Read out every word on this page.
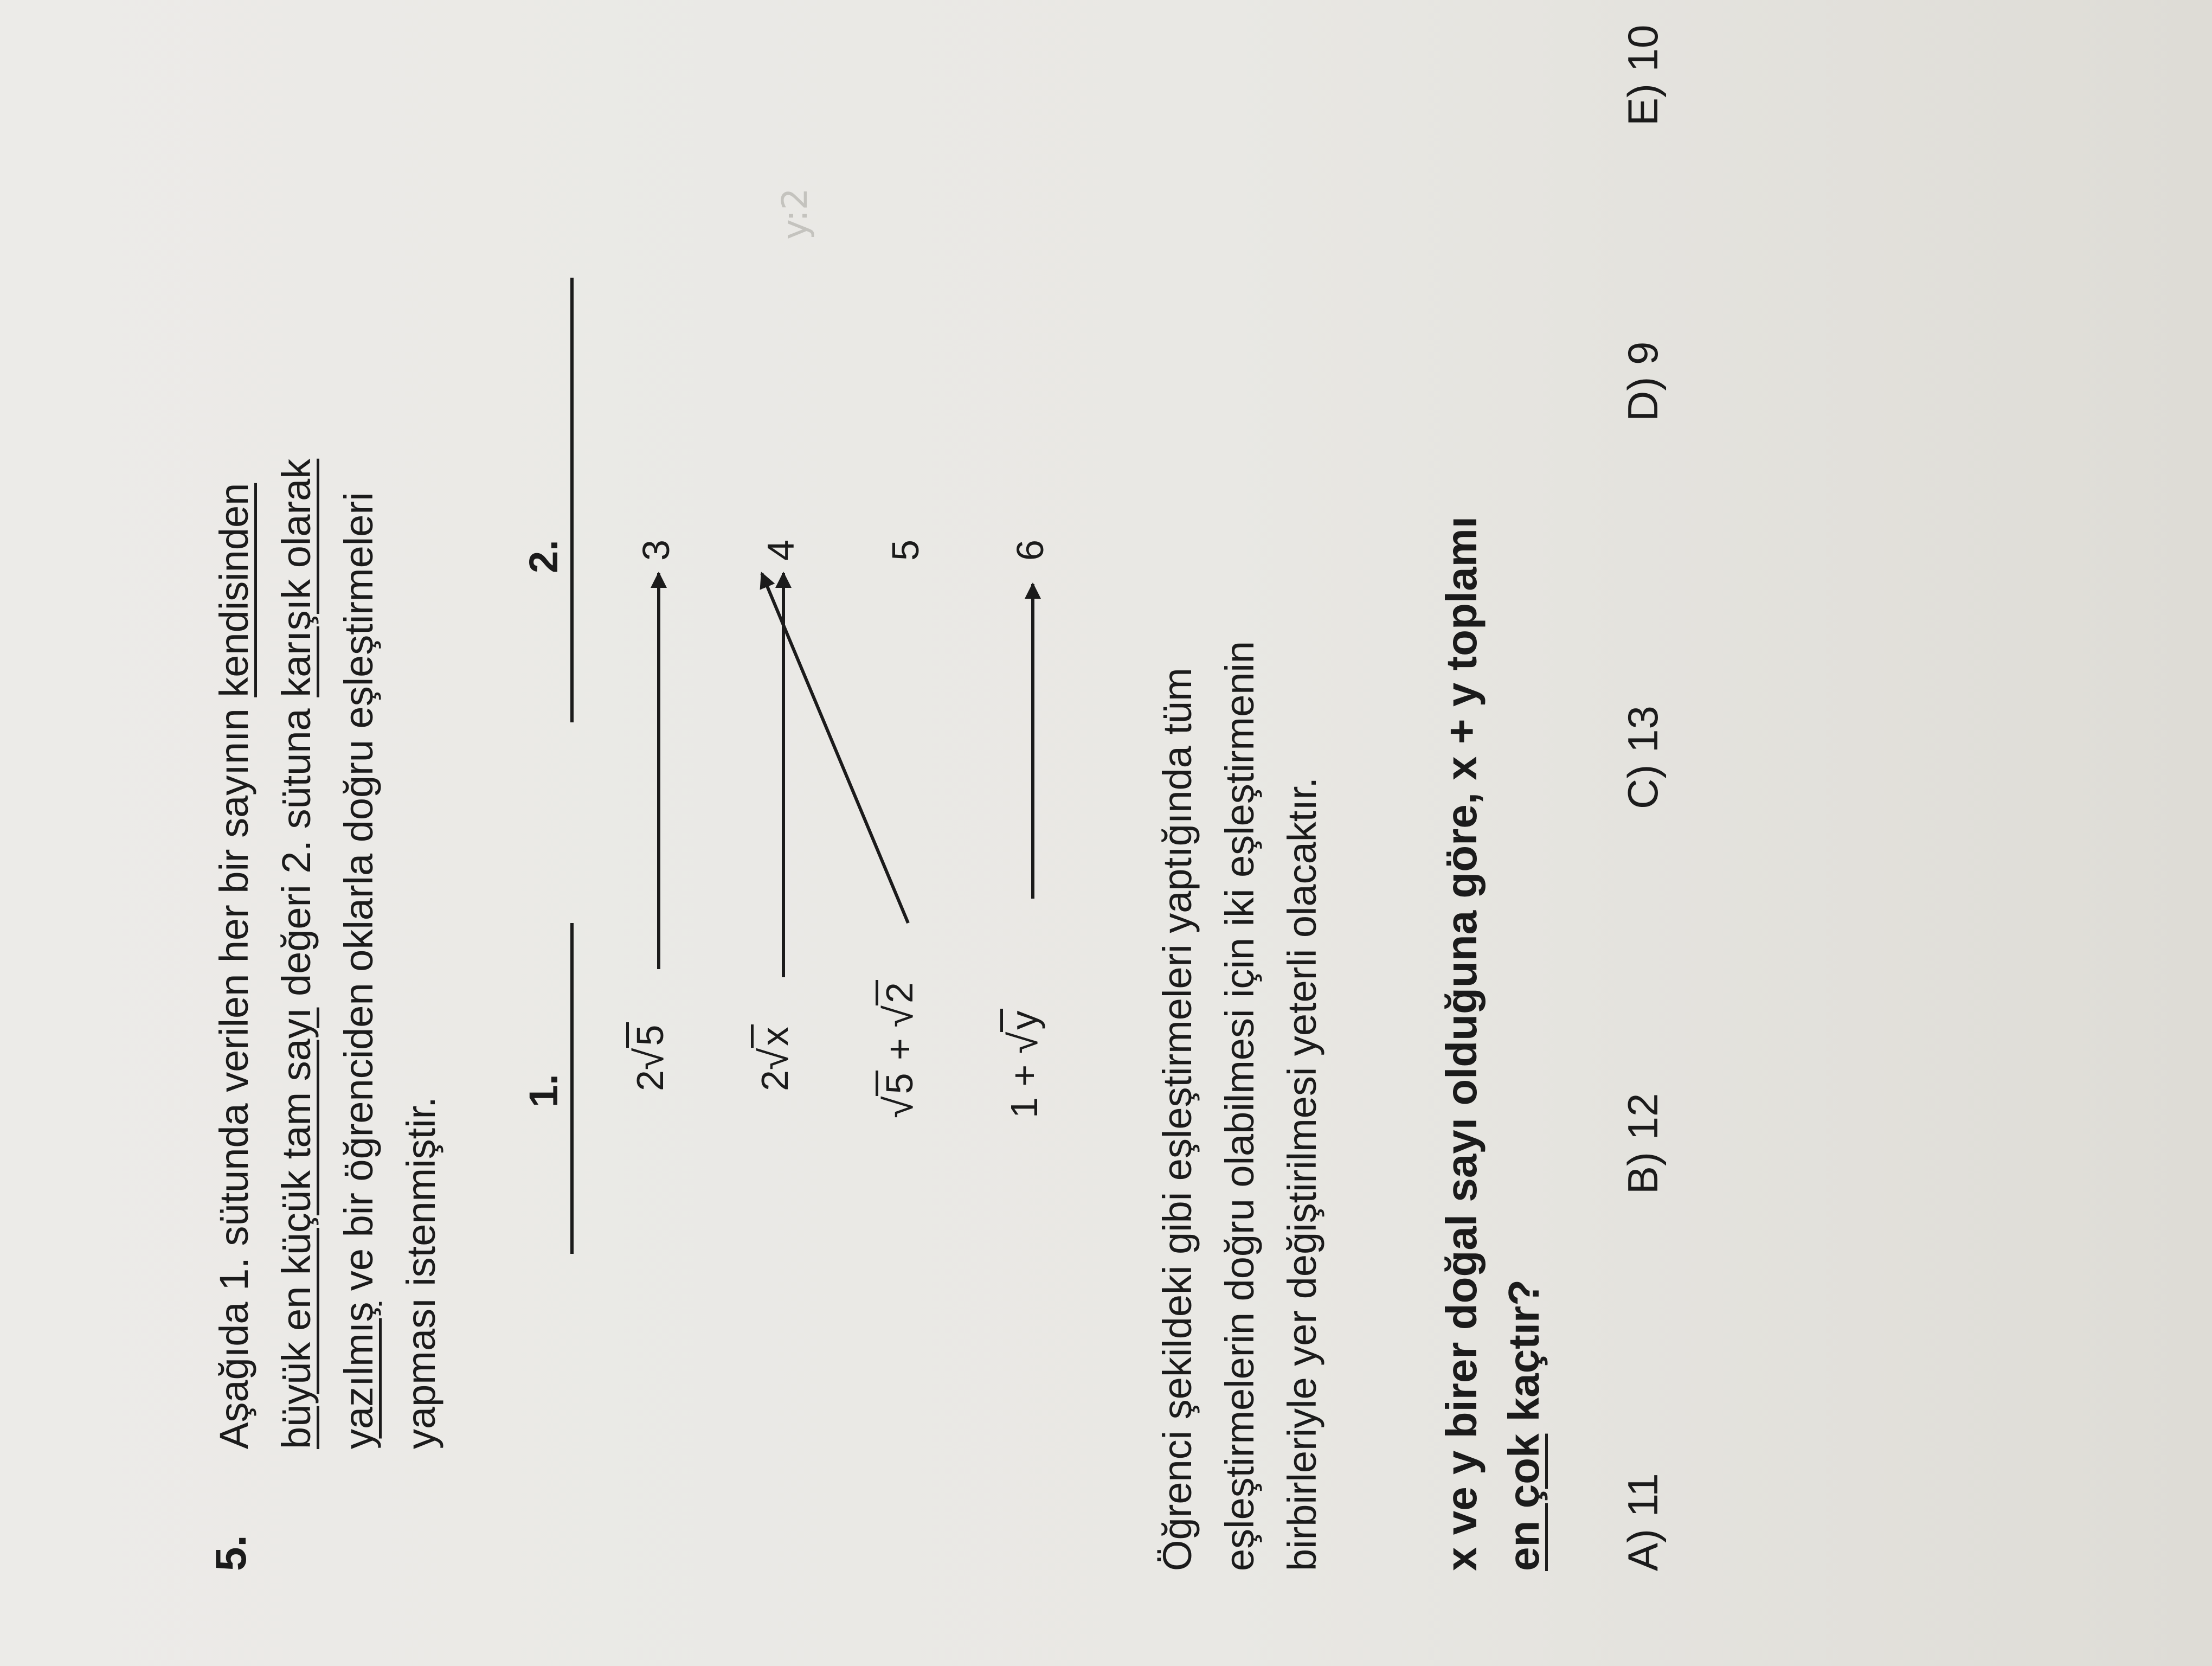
5.
Aşağıda 1. sütunda verilen her bir sayının kendisinden
büyük en küçük tam sayı değeri 2. sütuna karışık olarak
yazılmış ve bir öğrenciden oklarla doğru eşleştirmeleri yapması istenmiştir.
1.
2.
2√5
2√x
√5 + √2
1 + √y
3 4 5 6
Öğrenci şekildeki gibi eşleştirmeleri yaptığında tüm eşleştirmelerin doğru olabilmesi için iki eşleştirmenin birbirleriyle yer değiştirilmesi yeterli olacaktır.	x ve y birer doğal sayı olduğuna göre, x + y toplamı en çok kaçtır?
A) 11
B) 12
C) 13
D) 9
E) 10
y:2
